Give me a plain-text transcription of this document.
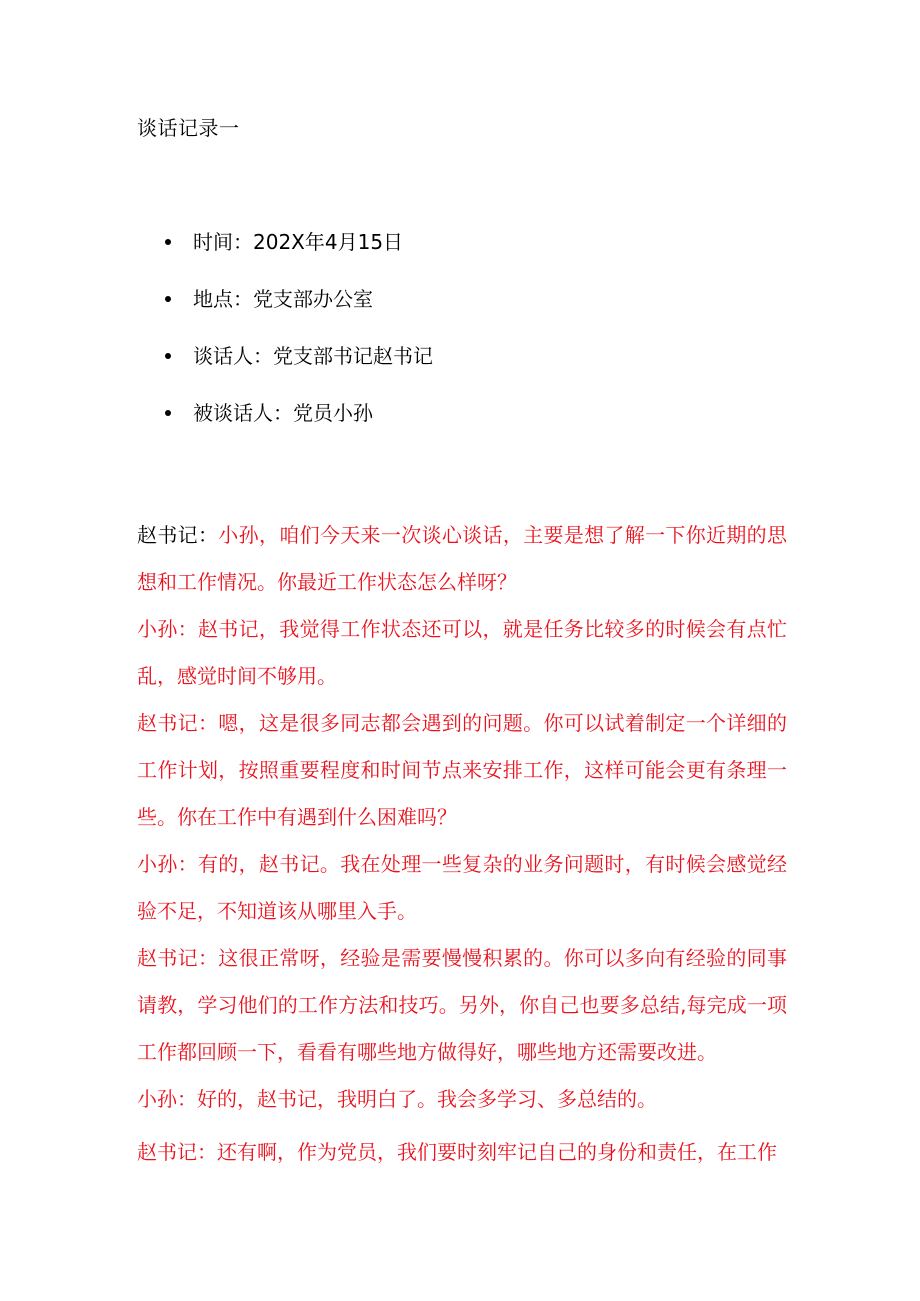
谈话记录一
时间：202X年4月15日
地点：党支部办公室
谈话人：党支部书记赵书记
被谈话人：党员小孙

赵书记：小孙，咱们今天来一次谈心谈话，主要是想了解一下你近期的思想和工作情况。你最近工作状态怎么样呀？

小孙：赵书记，我觉得工作状态还可以，就是任务比较多的时候会有点忙乱，感觉时间不够用。

赵书记：嗯，这是很多同志都会遇到的问题。你可以试着制定一个详细的工作计划，按照重要程度和时间节点来安排工作，这样可能会更有条理一些。你在工作中有遇到什么困难吗？

小孙：有的，赵书记。我在处理一些复杂的业务问题时，有时候会感觉经验不足，不知道该从哪里入手。

赵书记：这很正常呀，经验是需要慢慢积累的。你可以多向有经验的同事请教，学习他们的工作方法和技巧。另外，你自己也要多总结,每完成一项工作都回顾一下，看看有哪些地方做得好，哪些地方还需要改进。

小孙：好的，赵书记，我明白了。我会多学习、多总结的。

赵书记：还有啊，作为党员，我们要时刻牢记自己的身份和责任，在工作
